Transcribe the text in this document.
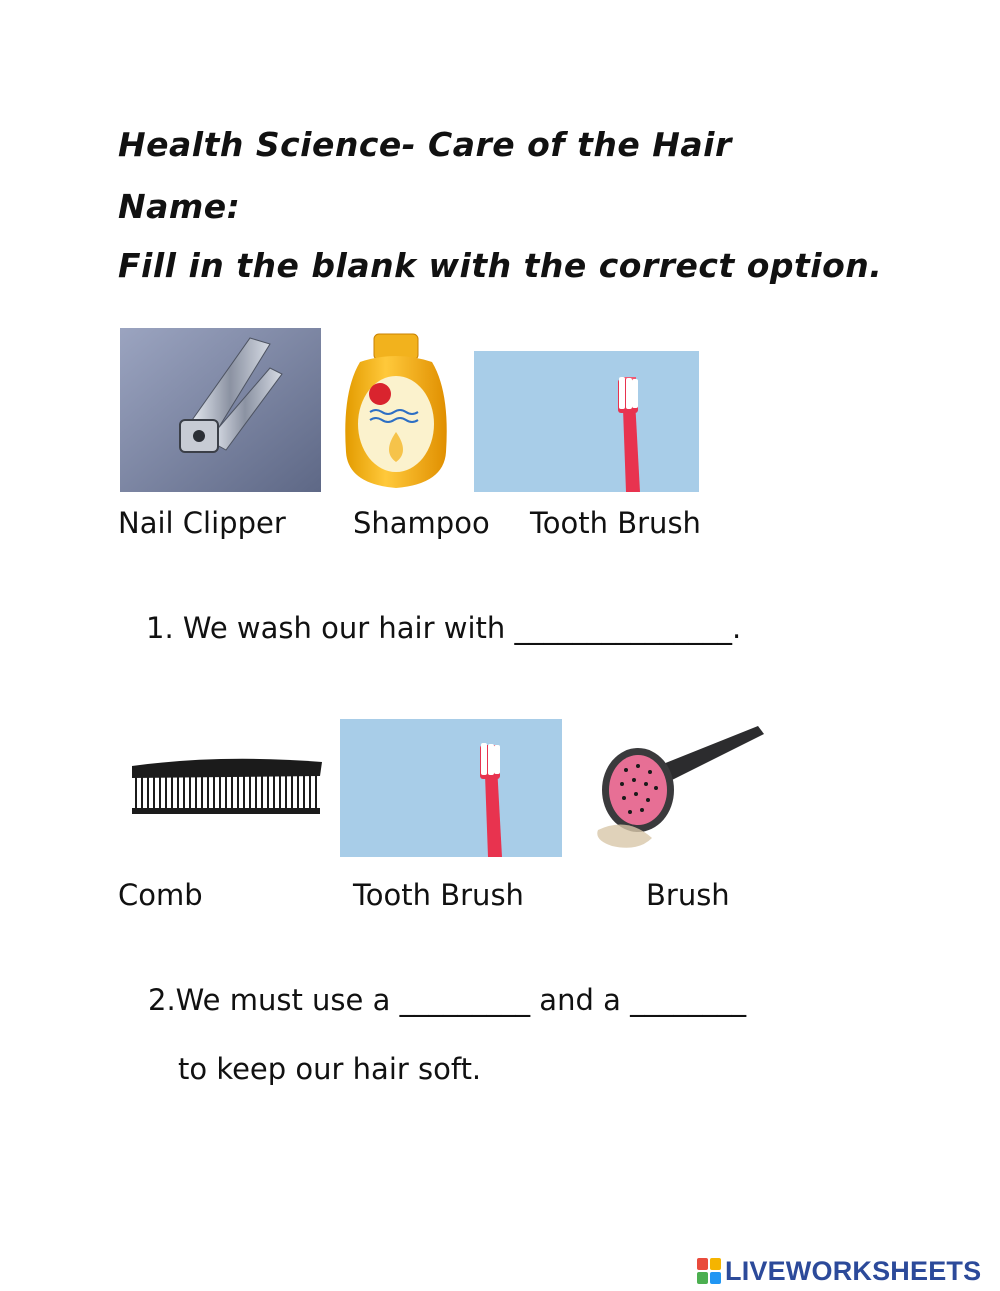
Health Science- Care of the Hair
Name:
Fill in the blank with the correct option.
Nail Clipper Shampoo Tooth Brush
1. We wash our hair with _______________.
Comb	Tooth Brush	Brush
2.We must use a _________ and a ________
to keep our hair soft.
LIVEWORKSHEETS
